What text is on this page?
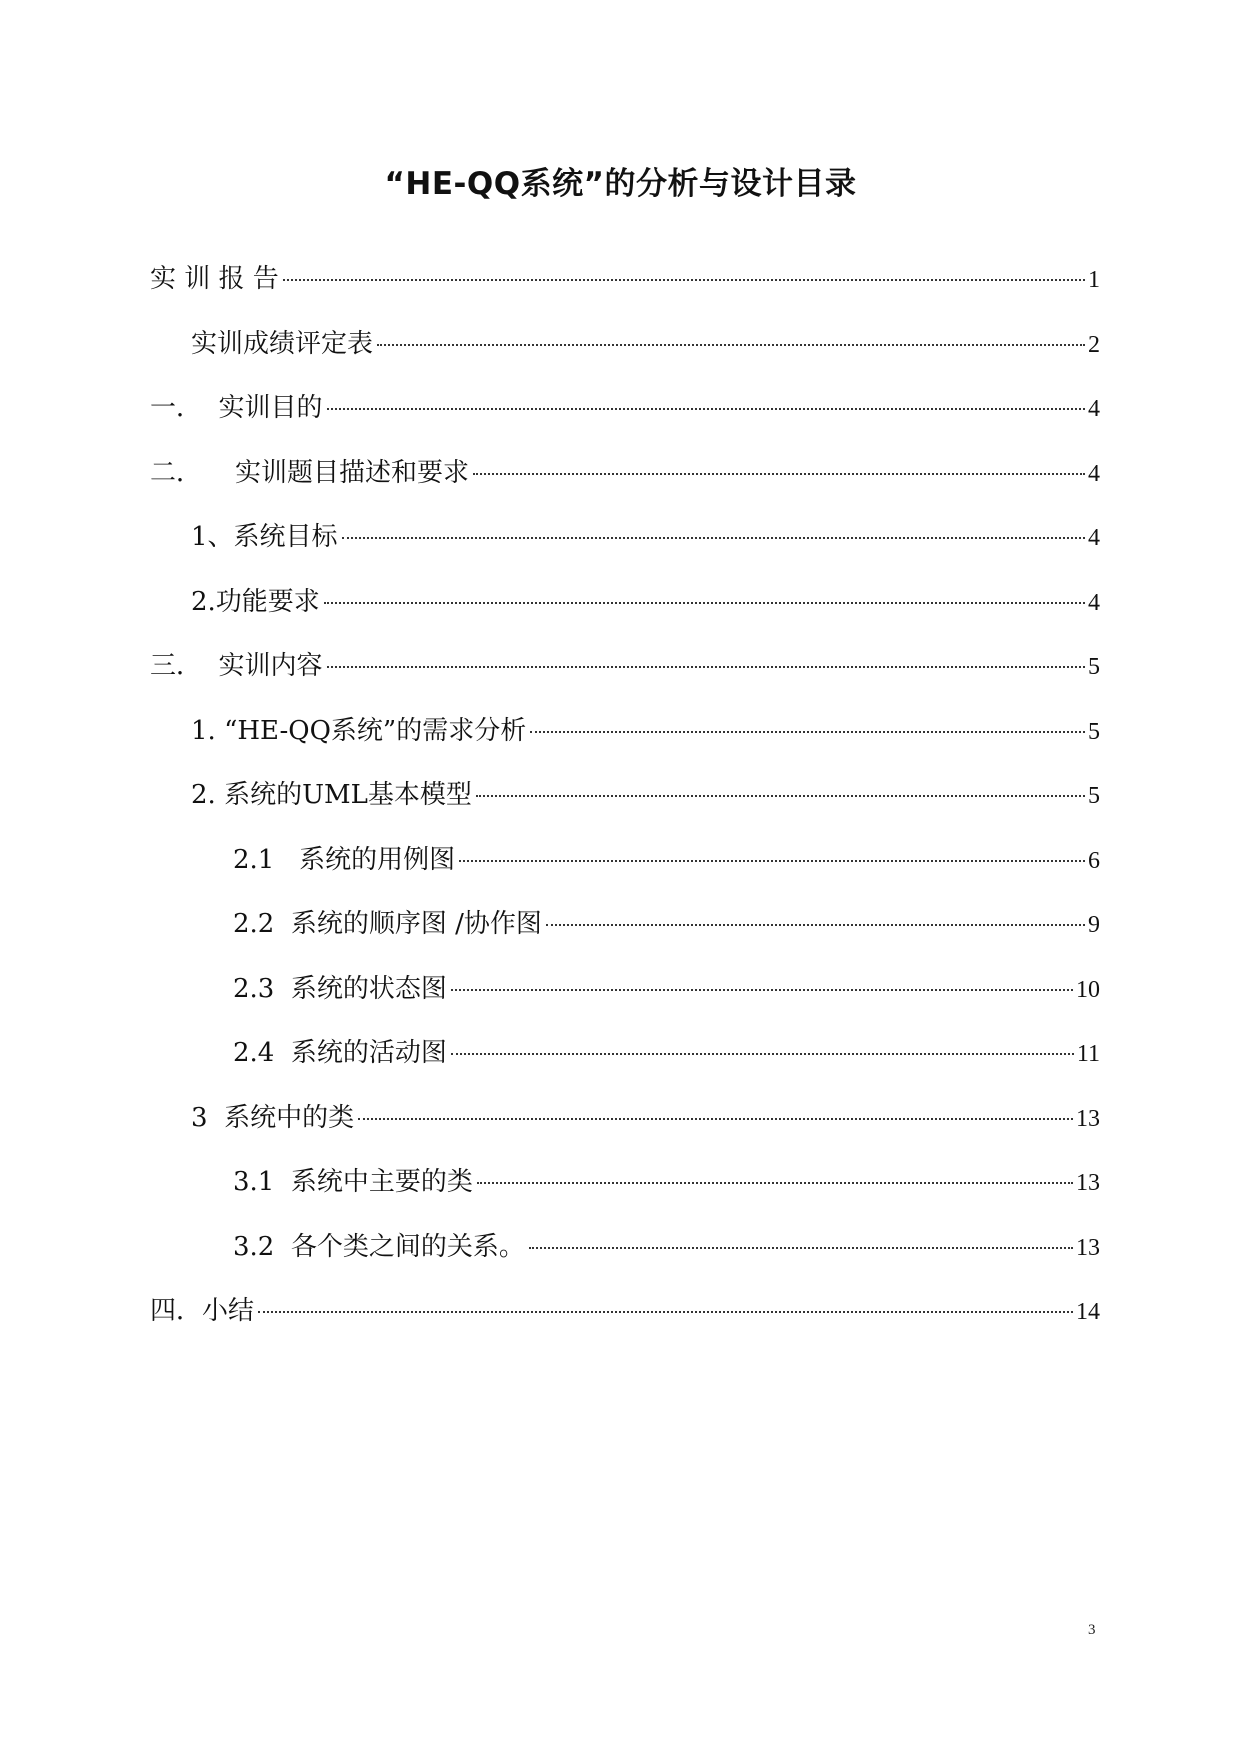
“HE-QQ系统”的分析与设计目录
实 训 报 告	1
实训成绩评定表	2
一．  实训目的	4
二．    实训题目描述和要求	4
1、系统目标	4
2.功能要求	4
三．  实训内容	5
1. “HE-QQ系统”的需求分析	5
2. 系统的UML基本模型	5
2.1   系统的用例图	6
2.2  系统的顺序图 /协作图	9
2.3  系统的状态图	10
2.4  系统的活动图	11
3  系统中的类	13
3.1  系统中主要的类	13
3.2  各个类之间的关系。	13
四．小结	14
3
